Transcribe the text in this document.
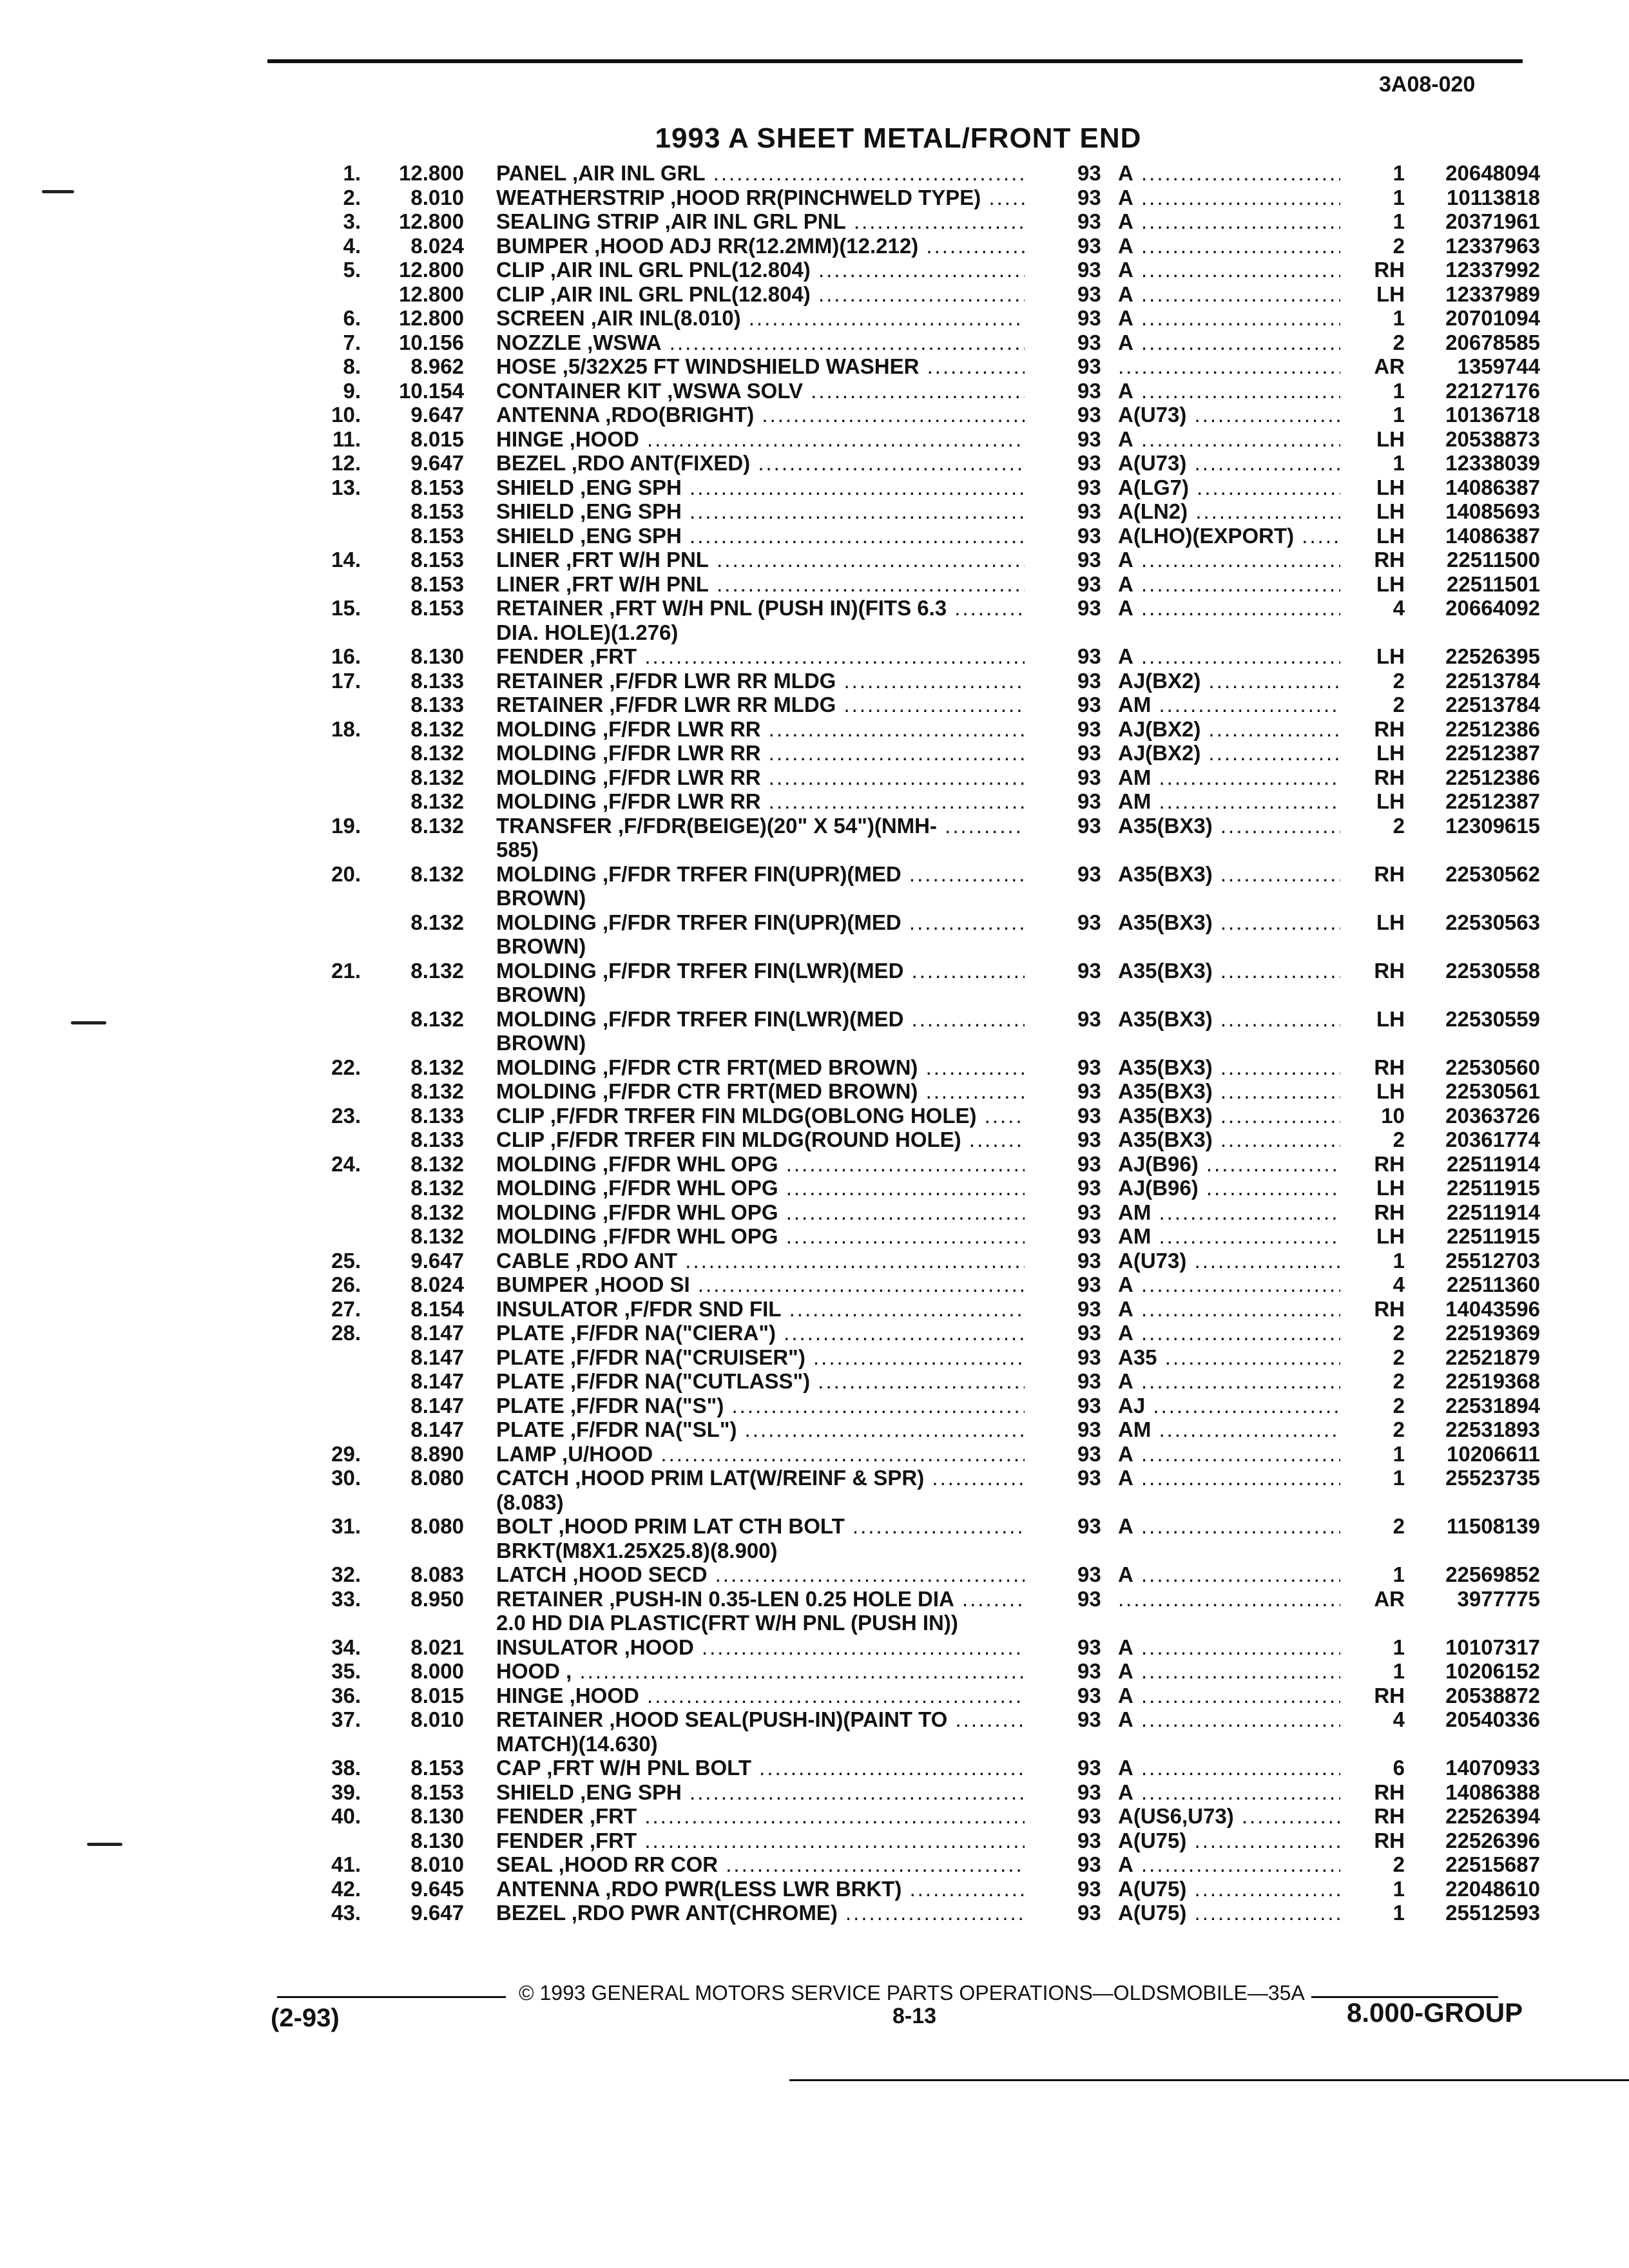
3A08-020
1993 A SHEET METAL/FRONT END
1.	12.800 PANEL ,AIR INL GRL .....	93 A .....	1	20648094
2.	8.010 WEATHERSTRIP ,HOOD RR(PINCHWELD TYPE) .....	93 A .....	1	10113818
3.	12.800 SEALING STRIP ,AIR INL GRL PNL .....	93 A .....	1	20371961
4.	8.024 BUMPER ,HOOD ADJ RR(12.2MM)(12.212) .....	93 A .....	2	12337963
5.	12.800 CLIP ,AIR INL GRL PNL(12.804) .....	93 A .....	RH	12337992
12.800 CLIP ,AIR INL GRL PNL(12.804) .....	93 A .....	LH	12337989
6.	12.800 SCREEN ,AIR INL(8.010) .....	93 A .....	1	20701094
7.	10.156 NOZZLE ,WSWA .....	93 A .....	2	20678585
8.	8.962 HOSE ,5/32X25 FT WINDSHIELD WASHER .....	93 .....	AR	1359744
9.	10.154 CONTAINER KIT ,WSWA SOLV .....	93 A .....	1	22127176
10.	9.647 ANTENNA ,RDO(BRIGHT) .....	93 A(U73) .....	1	10136718
11.	8.015 HINGE ,HOOD .....	93 A .....	LH	20538873
12.	9.647 BEZEL ,RDO ANT(FIXED) .....	93 A(U73) .....	1	12338039
13.	8.153 SHIELD ,ENG SPH .....	93 A(LG7) .....	LH	14086387
8.153 SHIELD ,ENG SPH .....	93 A(LN2) .....	LH	14085693
8.153 SHIELD ,ENG SPH .....	93 A(LHO)(EXPORT) .....	LH	14086387
14.	8.153 LINER ,FRT W/H PNL .....	93 A .....	RH	22511500
8.153 LINER ,FRT W/H PNL .....	93 A .....	LH	22511501
15.	8.153 RETAINER ,FRT W/H PNL (PUSH IN)(FITS 6.3 .....	93 A .....	4	20664092
DIA. HOLE)(1.276)
16.	8.130 FENDER ,FRT .....	93 A .....	LH	22526395
17.	8.133 RETAINER ,F/FDR LWR RR MLDG .....	93 AJ(BX2) .....	2	22513784
8.133 RETAINER ,F/FDR LWR RR MLDG .....	93 AM .....	2	22513784
18.	8.132 MOLDING ,F/FDR LWR RR .....	93 AJ(BX2) .....	RH	22512386
8.132 MOLDING ,F/FDR LWR RR .....	93 AJ(BX2) .....	LH	22512387
8.132 MOLDING ,F/FDR LWR RR .....	93 AM .....	RH	22512386
8.132 MOLDING ,F/FDR LWR RR .....	93 AM .....	LH	22512387
19.	8.132 TRANSFER ,F/FDR(BEIGE)(20" X 54")(NMH- .....	93 A35(BX3) .....	2	12309615
585)
20.	8.132 MOLDING ,F/FDR TRFER FIN(UPR)(MED .....	93 A35(BX3) .....	RH	22530562
BROWN)
8.132 MOLDING ,F/FDR TRFER FIN(UPR)(MED .....	93 A35(BX3) .....	LH	22530563
BROWN)
21.	8.132 MOLDING ,F/FDR TRFER FIN(LWR)(MED .....	93 A35(BX3) .....	RH	22530558
BROWN)
8.132 MOLDING ,F/FDR TRFER FIN(LWR)(MED .....	93 A35(BX3) .....	LH	22530559
BROWN)
22.	8.132 MOLDING ,F/FDR CTR FRT(MED BROWN) .....	93 A35(BX3) .....	RH	22530560
8.132 MOLDING ,F/FDR CTR FRT(MED BROWN) .....	93 A35(BX3) .....	LH	22530561
23.	8.133 CLIP ,F/FDR TRFER FIN MLDG(OBLONG HOLE) .....	93 A35(BX3) .....	10	20363726
8.133 CLIP ,F/FDR TRFER FIN MLDG(ROUND HOLE) .....	93 A35(BX3) .....	2	20361774
24.	8.132 MOLDING ,F/FDR WHL OPG .....	93 AJ(B96) .....	RH	22511914
8.132 MOLDING ,F/FDR WHL OPG .....	93 AJ(B96) .....	LH	22511915
8.132 MOLDING ,F/FDR WHL OPG .....	93 AM .....	RH	22511914
8.132 MOLDING ,F/FDR WHL OPG .....	93 AM .....	LH	22511915
25.	9.647 CABLE ,RDO ANT .....	93 A(U73) .....	1	25512703
26.	8.024 BUMPER ,HOOD SI .....	93 A .....	4	22511360
27.	8.154 INSULATOR ,F/FDR SND FIL .....	93 A .....	RH	14043596
28.	8.147 PLATE ,F/FDR NA("CIERA") .....	93 A .....	2	22519369
8.147 PLATE ,F/FDR NA("CRUISER") .....	93 A35 .....	2	22521879
8.147 PLATE ,F/FDR NA("CUTLASS") .....	93 A .....	2	22519368
8.147 PLATE ,F/FDR NA("S") .....	93 AJ .....	2	22531894
8.147 PLATE ,F/FDR NA("SL") .....	93 AM .....	2	22531893
29.	8.890 LAMP ,U/HOOD .....	93 A .....	1	10206611
30.	8.080 CATCH ,HOOD PRIM LAT(W/REINF & SPR) .....	93 A .....	1	25523735
(8.083)
31.	8.080 BOLT ,HOOD PRIM LAT CTH BOLT .....	93 A .....	2	11508139
BRKT(M8X1.25X25.8)(8.900)
32.	8.083 LATCH ,HOOD SECD .....	93 A .....	1	22569852
33.	8.950 RETAINER ,PUSH-IN 0.35-LEN 0.25 HOLE DIA .....	93 .....	AR	3977775
2.0 HD DIA PLASTIC(FRT W/H PNL (PUSH IN))
34.	8.021 INSULATOR ,HOOD .....	93 A .....	1	10107317
35.	8.000 HOOD , .....	93 A .....	1	10206152
36.	8.015 HINGE ,HOOD .....	93 A .....	RH	20538872
37.	8.010 RETAINER ,HOOD SEAL(PUSH-IN)(PAINT TO .....	93 A .....	4	20540336
MATCH)(14.630)
38.	8.153 CAP ,FRT W/H PNL BOLT .....	93 A .....	6	14070933
39.	8.153 SHIELD ,ENG SPH .....	93 A .....	RH	14086388
40.	8.130 FENDER ,FRT .....	93 A(US6,U73) .....	RH	22526394
8.130 FENDER ,FRT .....	93 A(U75) .....	RH	22526396
41.	8.010 SEAL ,HOOD RR COR .....	93 A .....	2	22515687
42.	9.645 ANTENNA ,RDO PWR(LESS LWR BRKT) .....	93 A(U75) .....	1	22048610
43.	9.647 BEZEL ,RDO PWR ANT(CHROME) .....	93 A(U75) .....	1	25512593
© 1993 GENERAL MOTORS SERVICE PARTS OPERATIONS—OLDSMOBILE—35A
(2-93)	8-13	8.000-GROUP
